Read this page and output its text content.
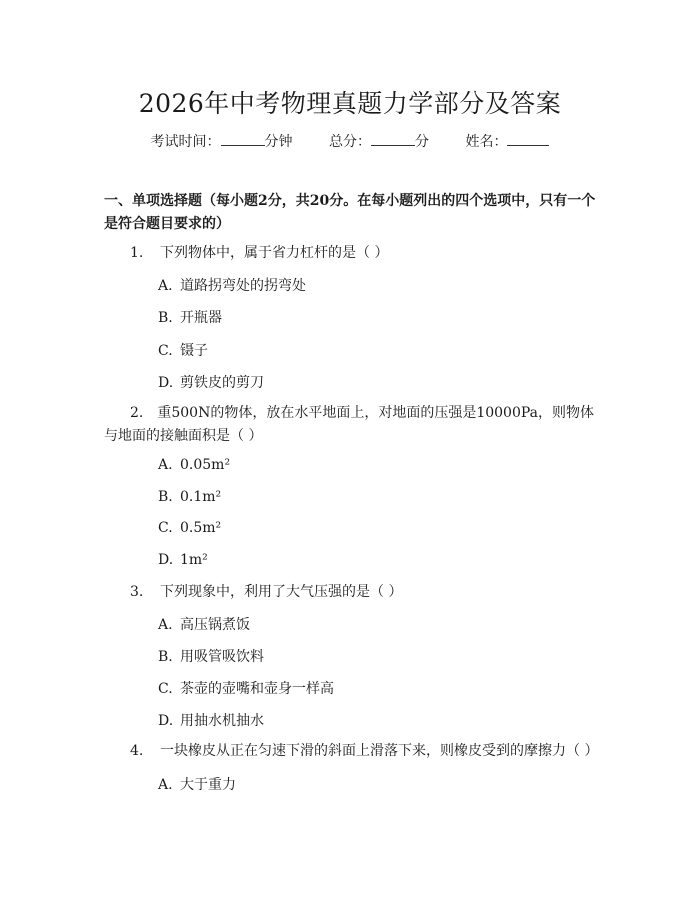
2026年中考物理真题力学部分及答案
考试时间：	分钟	总分：	分	姓名：
一、单项选择题（每小题2分，共20分。在每小题列出的四个选项中，只有一个是符合题目要求的）
1. 下列物体中，属于省力杠杆的是（ ）
A. 道路拐弯处的拐弯处
B. 开瓶器
C. 镊子
D. 剪铁皮的剪刀
2. 重500N的物体，放在水平地面上，对地面的压强是10000Pa，则物体与地面的接触面积是（ ）
A. 0.05m²
B. 0.1m²
C. 0.5m²
D. 1m²
3. 下列现象中，利用了大气压强的是（ ）
A. 高压锅煮饭
B. 用吸管吸饮料
C. 茶壶的壶嘴和壶身一样高
D. 用抽水机抽水
4. 一块橡皮从正在匀速下滑的斜面上滑落下来，则橡皮受到的摩擦力（ ）
A. 大于重力
